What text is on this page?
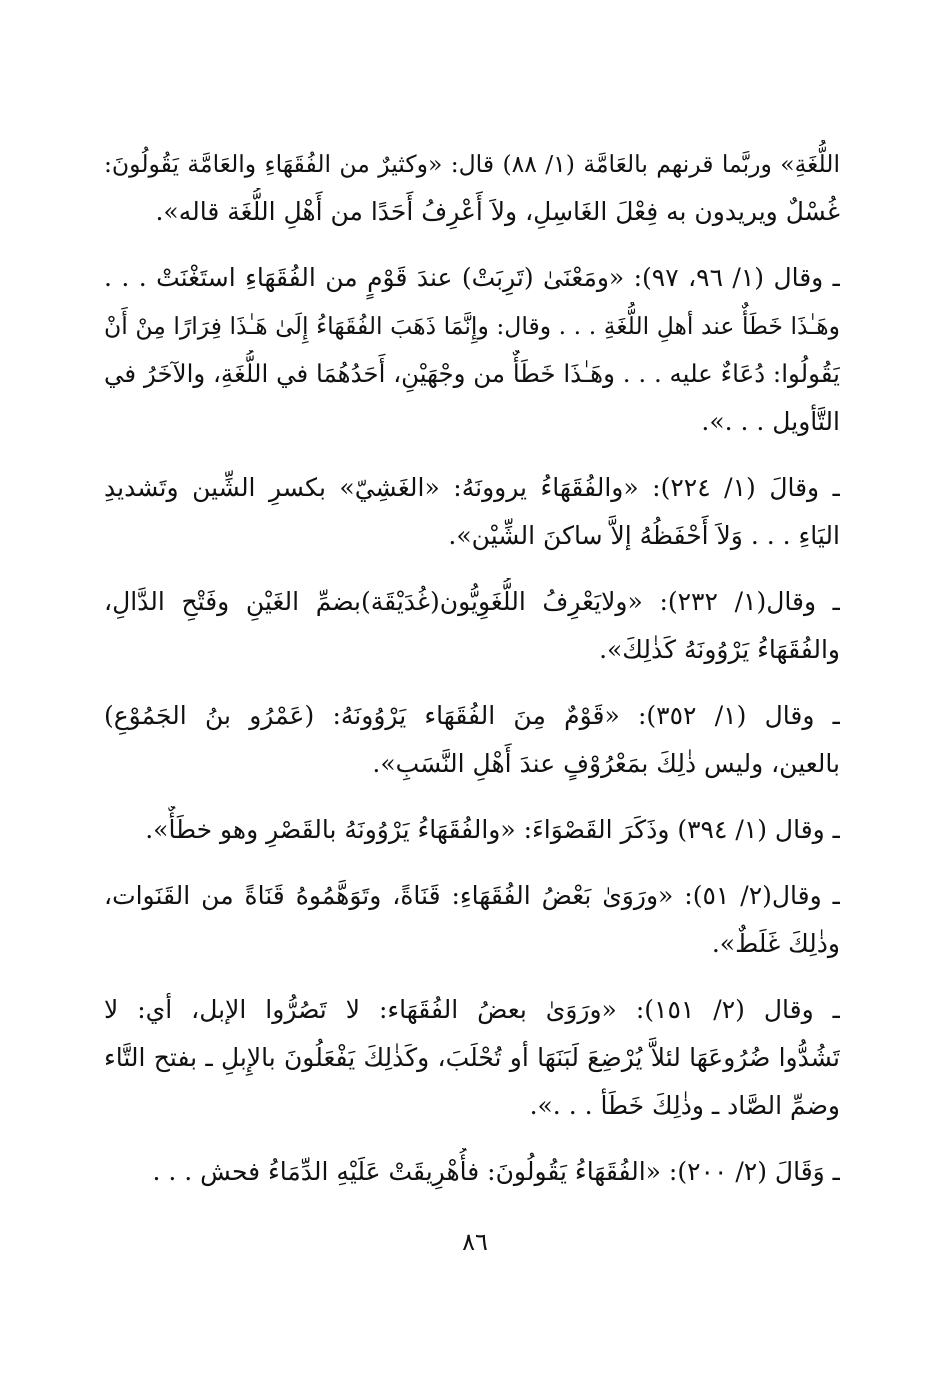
اللُّغَةِ» وربَّما قرنهم بالعَامَّة (١/ ٨٨) قال: «وكثيرٌ من الفُقَهَاءِ والعَامَّة يَقُولُونَ:
غُسْلٌ ويريدون به فِعْلَ الغَاسِلِ، ولاَ أَعْرِفُ أَحَدًا من أَهْلِ اللُّغَة قاله».
ـ وقال (١/ ٩٦، ٩٧): «ومَعْنَىٰ (تَرِبَتْ) عندَ قَوْمٍ من الفُقَهَاءِ استَغْنَتْ . . .
وهَـٰذَا خَطَأٌ عند أهلِ اللُّغَةِ . . . وقال: وإِنَّمَا ذَهَبَ الفُقَهَاءُ إِلَىٰ هَـٰذَا فِرَارًا مِنْ أَنْ
يَقُولُوا: دُعَاءٌ عليه . . . وهَـٰذَا خَطَأٌ من وجْهَيْنِ، أَحَدُهُمَا في اللُّغَةِ، والآخَرُ في
التَّأويل . . .».
ـ وقالَ (١/ ٢٢٤): «والفُقَهَاءُ يروونَهُ: «الغَشِيّ» بكسرِ الشِّين وتَشديدِ
اليَاءِ . . . وَلاَ أَحْفَظُهُ إلاَّ ساكنَ الشِّيْن».
ـ وقال(١/ ٢٣٢): «ولايَعْرِفُ اللُّغَوِيُّون(غُدَيْقَة)بضمِّ الغَيْنِ وفَتْحِ الدَّالِ،
والفُقَهَاءُ يَرْوُونَهُ كَذٰلِكَ».
ـ وقال (١/ ٣٥٢): «قَوْمٌ مِنَ الفُقَهَاء يَرْوُونَهُ: (عَمْرُو بنُ الجَمُوْعِ)
بالعين، وليس ذٰلِكَ بمَعْرُوْفٍ عندَ أَهْلِ النَّسَبِ».
ـ وقال (١/ ٣٩٤) وذَكَرَ القَصْوَاءَ: «والفُقَهَاءُ يَرْوُونَهُ بالقَصْرِ وهو خطَأٌ».
ـ وقال(٢/ ٥١): «ورَوَىٰ بَعْضُ الفُقَهَاءِ: قَنَاةً، وتَوَهَّمُوهُ قَنَاةً من القَنَوات،
وذٰلِكَ غَلَطٌ».
ـ وقال (٢/ ١٥١): «ورَوَىٰ بعضُ الفُقَهَاء: لا تَصُرُّوا الإبل، أي: لا
تَشُدُّوا ضُرُوعَهَا لئلاَّ يُرْضِعَ لَبَنَهَا أو تُحْلَبَ، وكَذٰلِكَ يَفْعَلُونَ بالإِبلِ ـ بفتح التَّاء
وضمِّ الصَّاد ـ وذٰلِكَ خَطَأ . . .».
ـ وَقَالَ (٢/ ٢٠٠): «الفُقَهَاءُ يَقُولُونَ: فأُهْرِيقَتْ عَلَيْهِ الدِّمَاءُ فحش . . .
٨٦
